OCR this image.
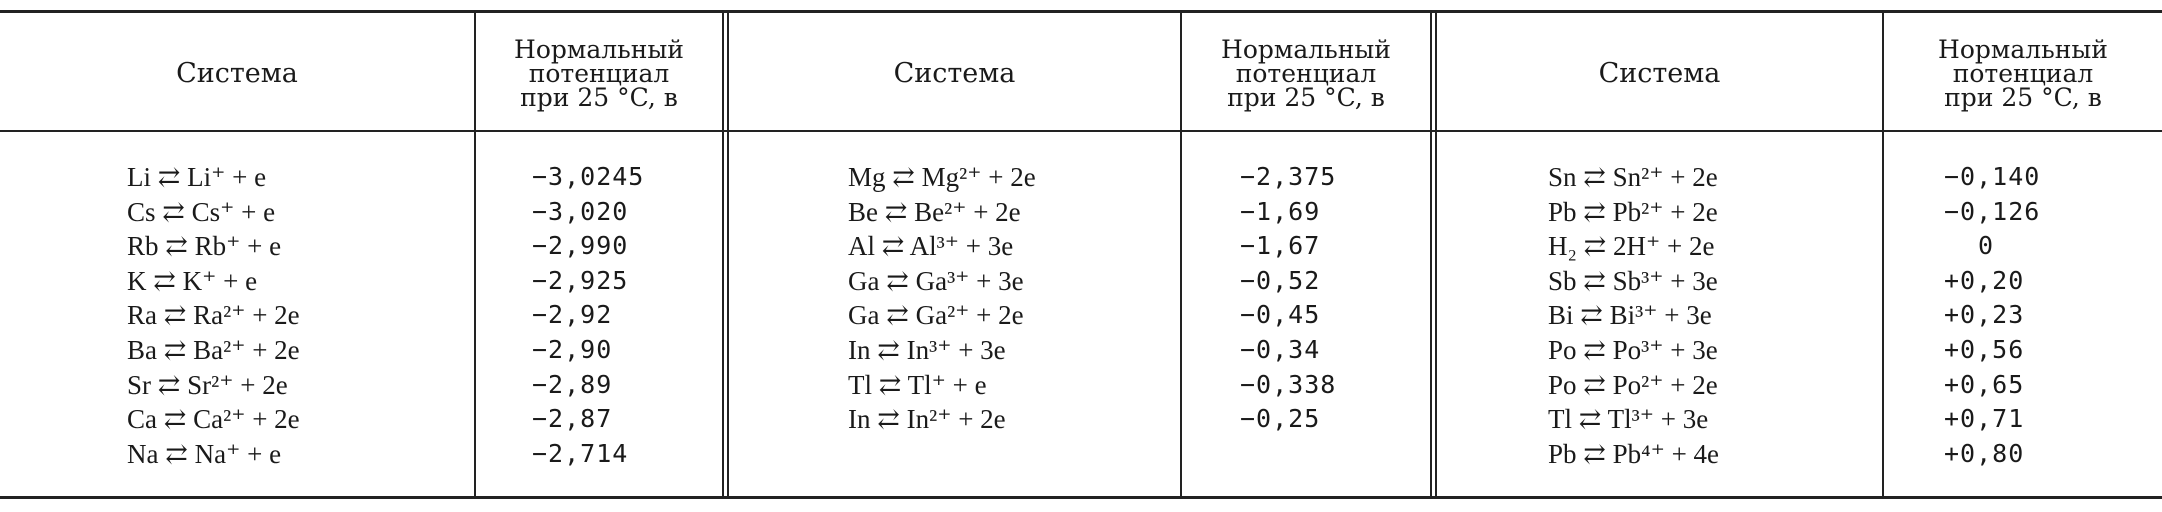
Система
Нормальный
потенциал
при 25 °C, в
Система
Нормальный
потенциал
при 25 °C, в
Система
Нормальный
потенциал
при 25 °C, в
Li ⇄ Li⁺ + e
Cs ⇄ Cs⁺ + e
Rb ⇄ Rb⁺ + e
K ⇄ K⁺ + e
Ra ⇄ Ra²⁺ + 2e
Ba ⇄ Ba²⁺ + 2e
Sr ⇄ Sr²⁺ + 2e
Ca ⇄ Ca²⁺ + 2e
Na ⇄ Na⁺ + e
−3,0245
−3,020
−2,990
−2,925
−2,92
−2,90
−2,89
−2,87
−2,714
Mg ⇄ Mg²⁺ + 2e
Be ⇄ Be²⁺ + 2e
Al ⇄ Al³⁺ + 3e
Ga ⇄ Ga³⁺ + 3e
Ga ⇄ Ga²⁺ + 2e
In ⇄ In³⁺ + 3e
Tl ⇄ Tl⁺ + e
In ⇄ In²⁺ + 2e
−2,375
−1,69
−1,67
−0,52
−0,45
−0,34
−0,338
−0,25
Sn ⇄ Sn²⁺ + 2e
Pb ⇄ Pb²⁺ + 2e
H₂ ⇄ 2H⁺ + 2e
Sb ⇄ Sb³⁺ + 3e
Bi ⇄ Bi³⁺ + 3e
Po ⇄ Po³⁺ + 3e
Po ⇄ Po²⁺ + 2e
Tl ⇄ Tl³⁺ + 3e
Pb ⇄ Pb⁴⁺ + 4e
−0,140
−0,126
0
+0,20
+0,23
+0,56
+0,65
+0,71
+0,80
